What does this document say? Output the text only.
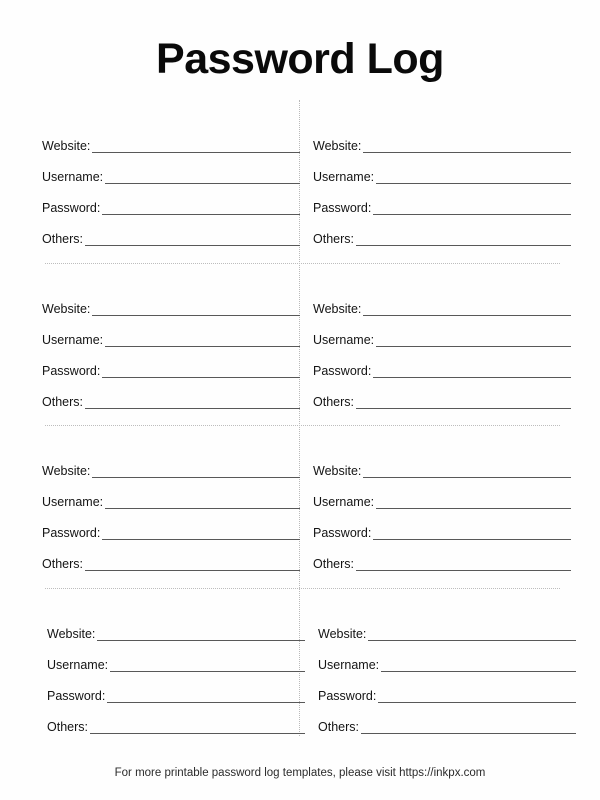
Password Log
Website:
Username:
Password:
Others:
Website:
Username:
Password:
Others:
Website:
Username:
Password:
Others:
Website:
Username:
Password:
Others:
Website:
Username:
Password:
Others:
Website:
Username:
Password:
Others:
Website:
Username:
Password:
Others:
Website:
Username:
Password:
Others:
For more printable password log templates, please visit https://inkpx.com
